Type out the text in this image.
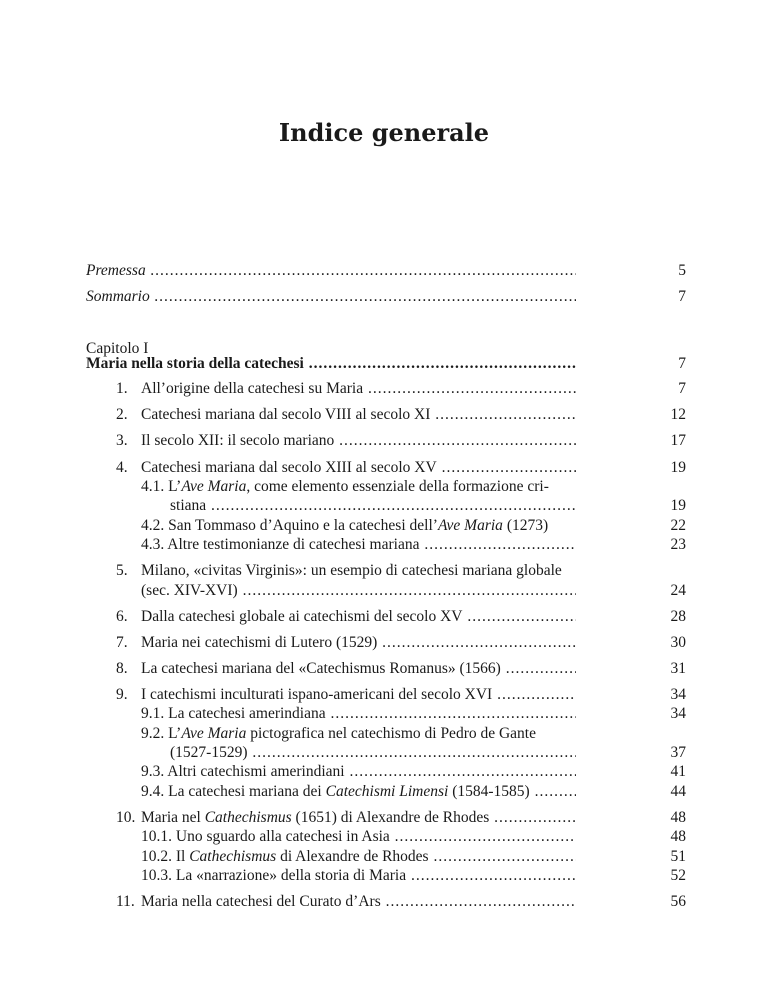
Indice generale
Premessa .....	5
Sommario .....	7
Capitolo I
Maria nella storia della catechesi .....	7
1. All’origine della catechesi su Maria .....	7
2. Catechesi mariana dal secolo VIII al secolo XI .....	12
3. Il secolo XII: il secolo mariano .....	17
4. Catechesi mariana dal secolo XIII al secolo XV .....	19
4.1. L’Ave Maria, come elemento essenziale della formazione cri-
stiana .....	19
4.2. San Tommaso d’Aquino e la catechesi dell’Ave Maria (1273)	22
4.3. Altre testimonianze di catechesi mariana .....	23
5. Milano, «civitas Virginis»: un esempio di catechesi mariana globale
(sec. XIV-XVI) .....	24
6. Dalla catechesi globale ai catechismi del secolo XV .....	28
7. Maria nei catechismi di Lutero (1529) .....	30
8. La catechesi mariana del «Catechismus Romanus» (1566) .....	31
9. I catechismi inculturati ispano-americani del secolo XVI .....	34
9.1. La catechesi amerindiana .....	34
9.2. L’Ave Maria pictografica nel catechismo di Pedro de Gante
(1527-1529) .....	37
9.3. Altri catechismi amerindiani .....	41
9.4. La catechesi mariana dei Catechismi Limensi (1584-1585) .....	44
10. Maria nel Cathechismus (1651) di Alexandre de Rhodes .....	48
10.1. Uno sguardo alla catechesi in Asia .....	48
10.2. Il Cathechismus di Alexandre de Rhodes .....	51
10.3. La «narrazione» della storia di Maria .....	52
11. Maria nella catechesi del Curato d’Ars .....	56
